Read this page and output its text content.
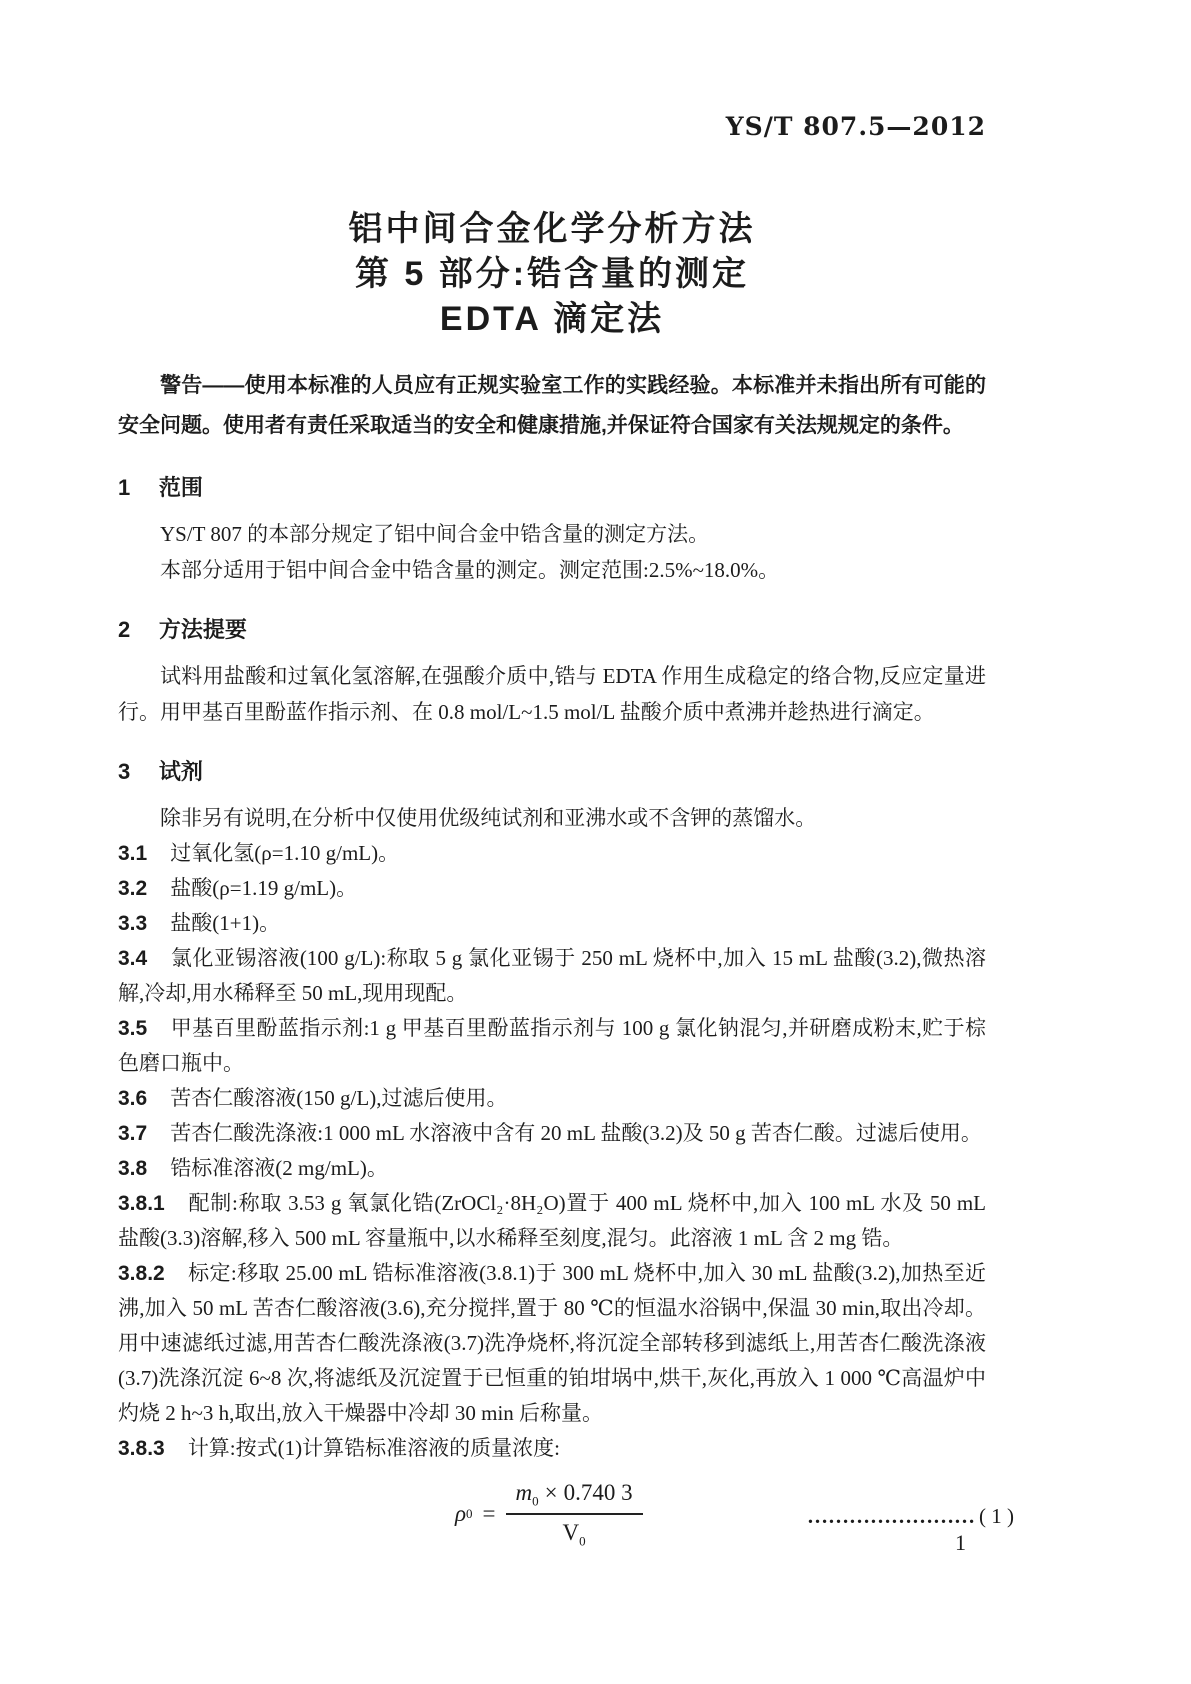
YS/T 807.5—2012
铝中间合金化学分析方法
第 5 部分:锆含量的测定
EDTA 滴定法

警告——使用本标准的人员应有正规实验室工作的实践经验。本标准并未指出所有可能的安全问题。使用者有责任采取适当的安全和健康措施,并保证符合国家有关法规规定的条件。

1 范围

YS/T 807 的本部分规定了铝中间合金中锆含量的测定方法。

本部分适用于铝中间合金中锆含量的测定。测定范围:2.5%~18.0%。

2 方法提要

试料用盐酸和过氧化氢溶解,在强酸介质中,锆与 EDTA 作用生成稳定的络合物,反应定量进行。用甲基百里酚蓝作指示剂、在 0.8 mol/L~1.5 mol/L 盐酸介质中煮沸并趁热进行滴定。

3 试剂

除非另有说明,在分析中仅使用优级纯试剂和亚沸水或不含钾的蒸馏水。

3.1 过氧化氢(ρ=1.10 g/mL)。

3.2 盐酸(ρ=1.19 g/mL)。

3.3 盐酸(1+1)。

3.4 氯化亚锡溶液(100 g/L):称取 5 g 氯化亚锡于 250 mL 烧杯中,加入 15 mL 盐酸(3.2),微热溶解,冷却,用水稀释至 50 mL,现用现配。

3.5 甲基百里酚蓝指示剂:1 g 甲基百里酚蓝指示剂与 100 g 氯化钠混匀,并研磨成粉末,贮于棕色磨口瓶中。

3.6 苦杏仁酸溶液(150 g/L),过滤后使用。

3.7 苦杏仁酸洗涤液:1 000 mL 水溶液中含有 20 mL 盐酸(3.2)及 50 g 苦杏仁酸。过滤后使用。

3.8 锆标准溶液(2 mg/mL)。

3.8.1 配制:称取 3.53 g 氧氯化锆(ZrOCl₂·8H₂O)置于 400 mL 烧杯中,加入 100 mL 水及 50 mL 盐酸(3.3)溶解,移入 500 mL 容量瓶中,以水稀释至刻度,混匀。此溶液 1 mL 含 2 mg 锆。

3.8.2 标定:移取 25.00 mL 锆标准溶液(3.8.1)于 300 mL 烧杯中,加入 30 mL 盐酸(3.2),加热至近沸,加入 50 mL 苦杏仁酸溶液(3.6),充分搅拌,置于 80 ℃的恒温水浴锅中,保温 30 min,取出冷却。用中速滤纸过滤,用苦杏仁酸洗涤液(3.7)洗净烧杯,将沉淀全部转移到滤纸上,用苦杏仁酸洗涤液(3.7)洗涤沉淀 6~8 次,将滤纸及沉淀置于已恒重的铂坩埚中,烘干,灰化,再放入 1 000 ℃高温炉中灼烧 2 h~3 h,取出,放入干燥器中冷却 30 min 后称量。

3.8.3 计算:按式(1)计算锆标准溶液的质量浓度:

ρ $0 = \frac{m_0 \times 0.740 3}{V_0}$	…………………… ( 1 )
1
